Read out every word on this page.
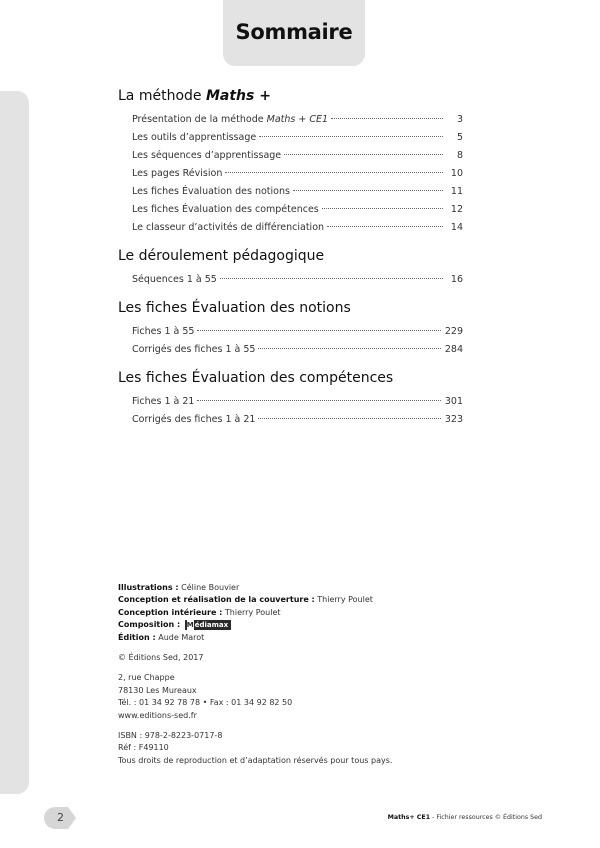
Sommaire
La méthode Maths +
Présentation de la méthode Maths + CE1	3
Les outils d’apprentissage	5
Les séquences d’apprentissage	8
Les pages Révision	10
Les fiches Évaluation des notions	11
Les fiches Évaluation des compétences	12
Le classeur d’activités de différenciation	14
Le déroulement pédagogique
Séquences 1 à 55	16
Les fiches Évaluation des notions
Fiches 1 à 55	229
Corrigés des fiches 1 à 55	284
Les fiches Évaluation des compétences
Fiches 1 à 21	301
Corrigés des fiches 1 à 21	323

Illustrations : Céline Bouvier

Conception et réalisation de la couverture : Thierry Poulet

Conception intérieure : Thierry Poulet

Composition : Médiamax

Édition : Aude Marot

© Éditions Sed, 2017

2, rue Chappe

78130 Les Mureaux

Tél. : 01 34 92 78 78 • Fax : 01 34 92 82 50

www.editions-sed.fr

ISBN : 978-2-8223-0717-8

Réf : F49110

Tous droits de reproduction et d’adaptation réservés pour tous pays.

2	Maths+ CE1 - Fichier ressources © Éditions Sed
